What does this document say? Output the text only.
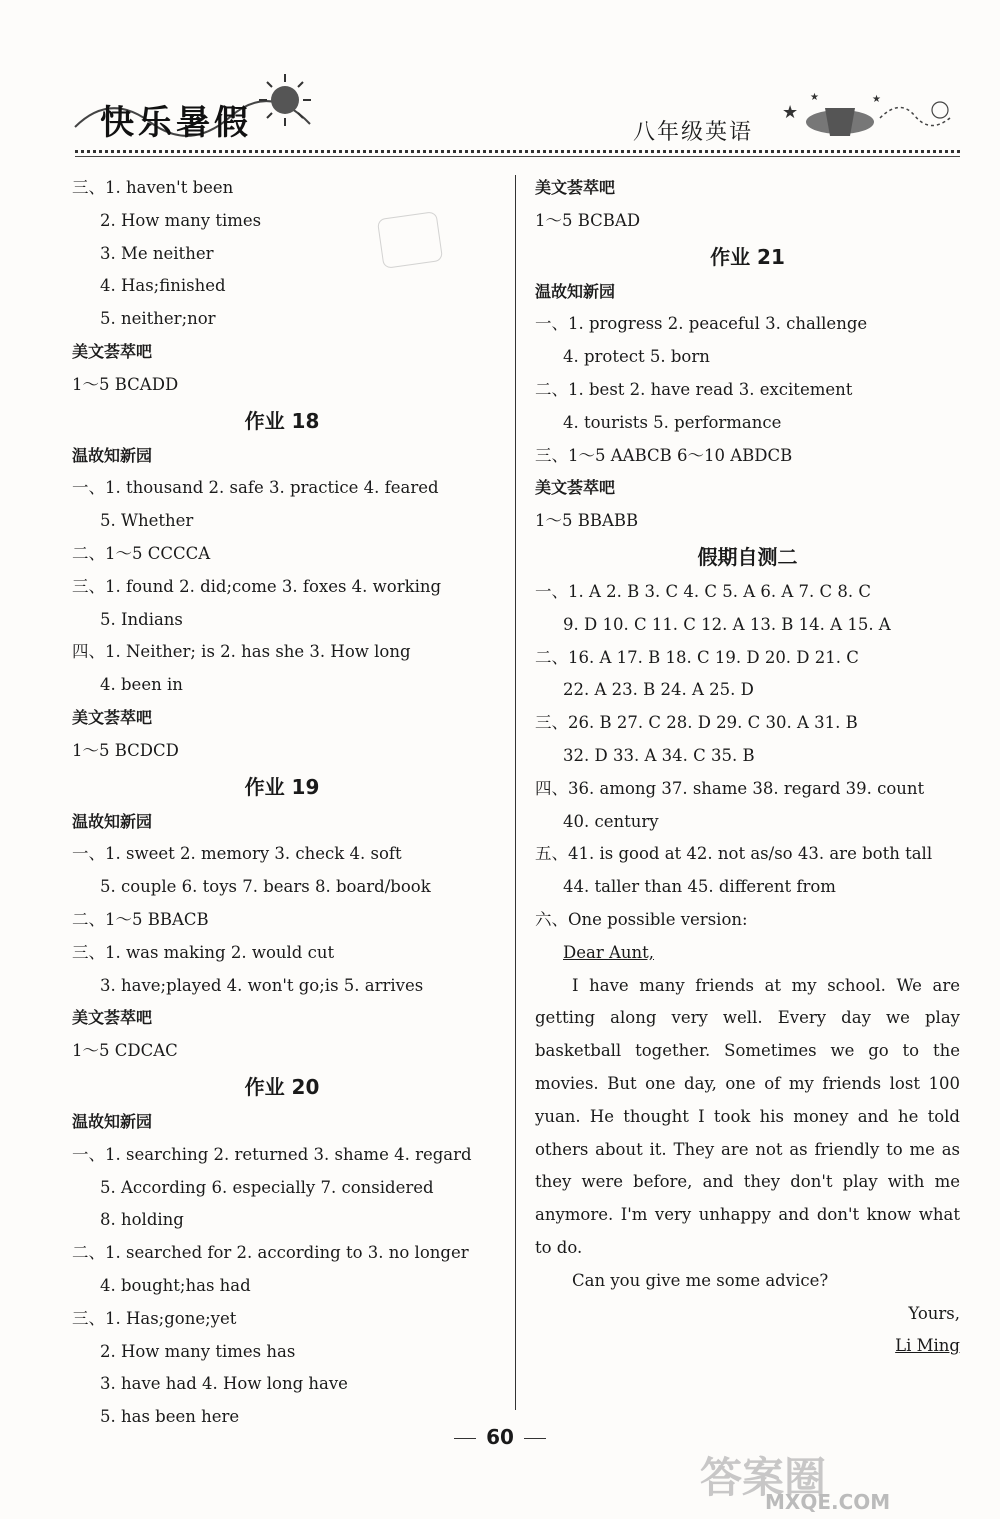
快乐暑假	八年级英语
★
★	★
三、1. haven't been
2. How many times
3. Me neither
4. Has;finished
5. neither;nor
美文荟萃吧
1～5 BCADD
作业 18
温故知新园
一、1. thousand 2. safe 3. practice 4. feared
5. Whether
二、1～5 CCCCA
三、1. found 2. did;come 3. foxes 4. working
5. Indians
四、1. Neither; is 2. has she 3. How long
4. been in
美文荟萃吧
1～5 BCDCD
作业 19
温故知新园
一、1. sweet 2. memory 3. check 4. soft
5. couple 6. toys 7. bears 8. board/book
二、1～5 BBACB
三、1. was making 2. would cut
3. have;played 4. won't go;is 5. arrives
美文荟萃吧
1～5 CDCAC
作业 20
温故知新园
一、1. searching 2. returned 3. shame 4. regard
5. According 6. especially 7. considered
8. holding
二、1. searched for 2. according to 3. no longer
4. bought;has had
三、1. Has;gone;yet
2. How many times has
3. have had 4. How long have
5. has been here
美文荟萃吧
1～5 BCBAD
作业 21
温故知新园
一、1. progress 2. peaceful 3. challenge
4. protect 5. born
二、1. best 2. have read 3. excitement
4. tourists 5. performance
三、1～5 AABCB 6～10 ABDCB
美文荟萃吧
1～5 BBABB
假期自测二
一、1. A 2. B 3. C 4. C 5. A 6. A 7. C 8. C
9. D 10. C 11. C 12. A 13. B 14. A 15. A
二、16. A 17. B 18. C 19. D 20. D 21. C
22. A 23. B 24. A 25. D
三、26. B 27. C 28. D 29. C 30. A 31. B
32. D 33. A 34. C 35. B
四、36. among 37. shame 38. regard 39. count
40. century
五、41. is good at 42. not as/so 43. are both tall
44. taller than 45. different from
六、One possible version:

Dear Aunt,

I have many friends at my school. We are getting along very well. Every day we play basketball together. Sometimes we go to the movies. But one day, one of my friends lost 100 yuan. He thought I took his money and he told others about it. They are not as friendly to me as they were before, and they don't play with me anymore. I'm very unhappy and don't know what to do.

Can you give me some advice?

Yours,

Li Ming

60
答案圈
MXQE.COM
